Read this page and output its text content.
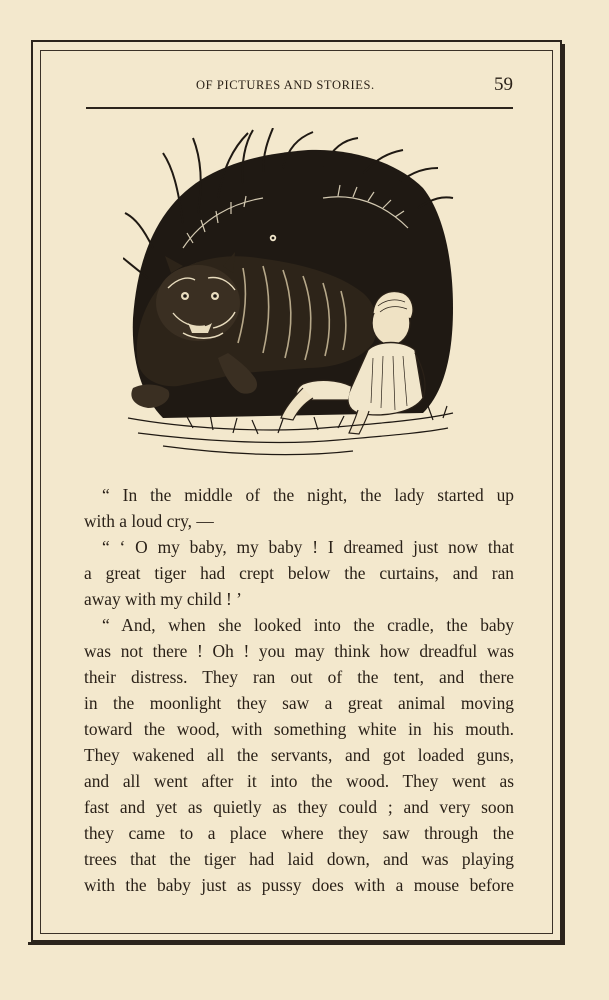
OF PICTURES AND STORIES.	59

“ In the middle of the night, the lady started up
with a loud cry, —

“ ‘ O my baby, my baby ! I dreamed just now that
a great tiger had crept below the curtains, and ran
away with my child ! ’

“ And, when she looked into the cradle, the baby
was not there ! Oh ! you may think how dreadful was
their distress. They ran out of the tent, and there
in the moonlight they saw a great animal moving
toward the wood, with something white in his mouth.
They wakened all the servants, and got loaded guns,
and all went after it into the wood. They went as
fast and yet as quietly as they could ; and very soon
they came to a place where they saw through the
trees that the tiger had laid down, and was playing
with the baby just as pussy does with a mouse before
